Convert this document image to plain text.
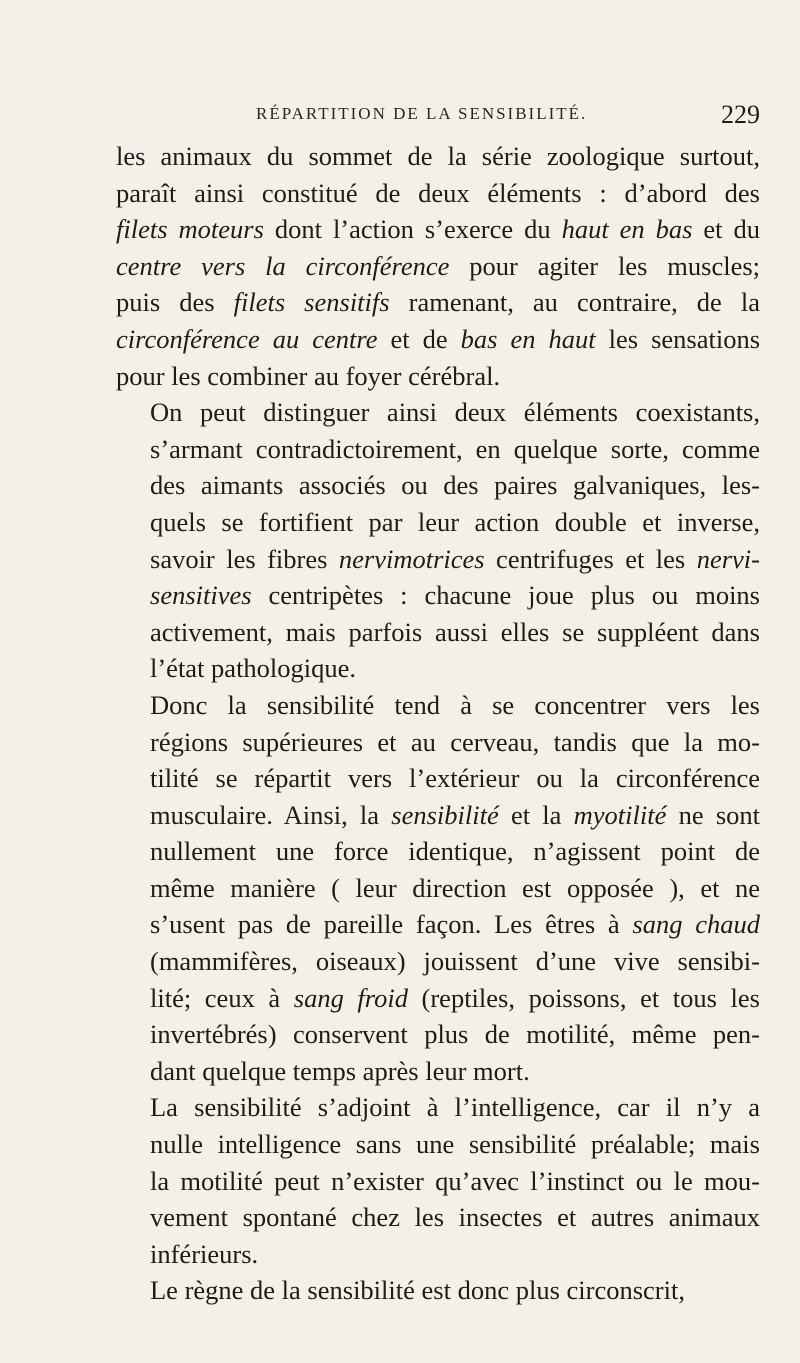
RÉPARTITION DE LA SENSIBILITÉ.	229

les animaux du sommet de la série zoologique surtout,
paraît ainsi constitué de deux éléments : d’abord des
filets moteurs dont l’action s’exerce du haut en bas et du
centre vers la circonférence pour agiter les muscles;
puis des filets sensitifs ramenant, au contraire, de la
circonférence au centre et de bas en haut les sensations
pour les combiner au foyer cérébral.

On peut distinguer ainsi deux éléments coexistants,
s’armant contradictoirement, en quelque sorte, comme
des aimants associés ou des paires galvaniques, les-
quels se fortifient par leur action double et inverse,
savoir les fibres nervimotrices centrifuges et les nervi-
sensitives centripètes : chacune joue plus ou moins
activement, mais parfois aussi elles se suppléent dans
l’état pathologique.

Donc la sensibilité tend à se concentrer vers les
régions supérieures et au cerveau, tandis que la mo-
tilité se répartit vers l’extérieur ou la circonférence
musculaire. Ainsi, la sensibilité et la myotilité ne sont
nullement une force identique, n’agissent point de
même manière ( leur direction est opposée ), et ne
s’usent pas de pareille façon. Les êtres à sang chaud
(mammifères, oiseaux) jouissent d’une vive sensibi-
lité; ceux à sang froid (reptiles, poissons, et tous les
invertébrés) conservent plus de motilité, même pen-
dant quelque temps après leur mort.

La sensibilité s’adjoint à l’intelligence, car il n’y a
nulle intelligence sans une sensibilité préalable; mais
la motilité peut n’exister qu’avec l’instinct ou le mou-
vement spontané chez les insectes et autres animaux
inférieurs.

Le règne de la sensibilité est donc plus circonscrit,
